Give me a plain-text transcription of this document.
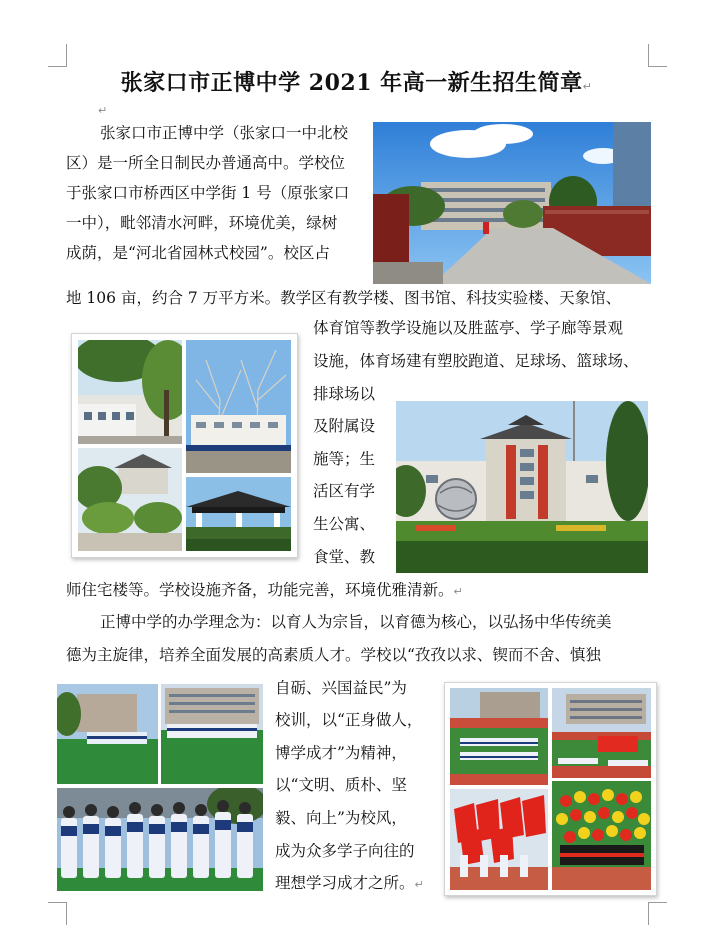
张家口市正博中学 2021 年高一新生招生简章↵
↵
张家口市正博中学（张家口一中北校
区）是一所全日制民办普通高中。学校位
于张家口市桥西区中学街 1 号（原张家口
一中），毗邻清水河畔，环境优美，绿树
成荫，是“河北省园林式校园”。校区占
地 106 亩，约合 7 万平方米。教学区有教学楼、图书馆、科技实验楼、天象馆、
体育馆等教学设施以及胜蓝亭、学子廊等景观
设施，体育场建有塑胶跑道、足球场、篮球场、
排球场以
及附属设
施等；生
活区有学
生公寓、
食堂、教
师住宅楼等。学校设施齐备，功能完善，环境优雅清新。↵
正博中学的办学理念为：以育人为宗旨，以育德为核心，以弘扬中华传统美
德为主旋律，培养全面发展的高素质人才。学校以“孜孜以求、锲而不舍、慎独
自砺、兴国益民”为
校训，以“正身做人，
博学成才”为精神，
以“文明、质朴、坚
毅、向上”为校风，
成为众多学子向往的
理想学习成才之所。↵
